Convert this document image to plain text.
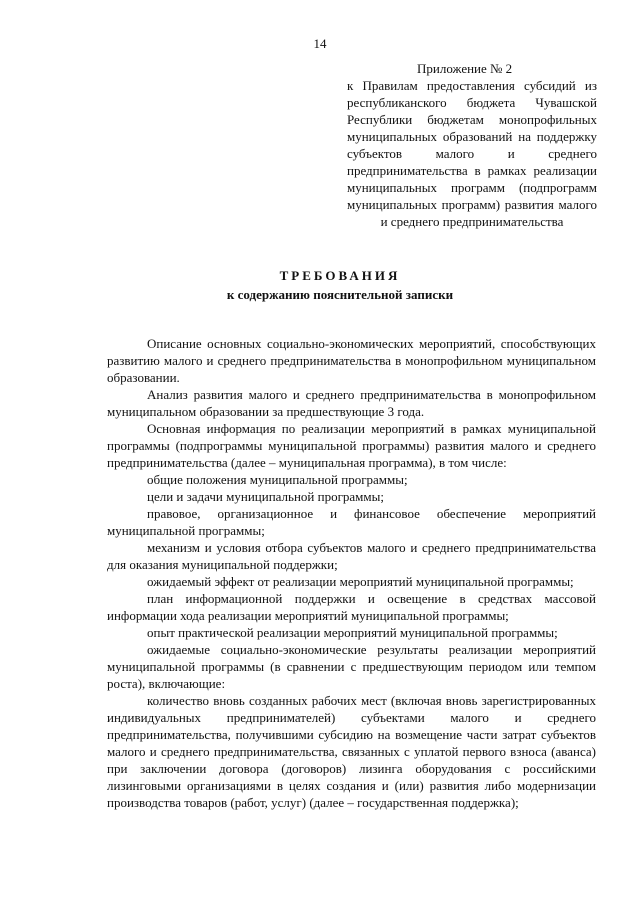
14
Приложение № 2
к Правилам предоставления субсидий из республиканского бюджета Чувашской Республики бюджетам монопрофильных муниципальных образований на поддержку субъектов малого и среднего предпринимательства в рамках реализации муниципальных программ (подпрограмм муниципальных программ) развития малого и среднего предпринимательства
ТРЕБОВАНИЯ
к содержанию пояснительной записки

Описание основных социально-экономических мероприятий, способствующих развитию малого и среднего предпринимательства в монопрофильном муниципальном образовании.

Анализ развития малого и среднего предпринимательства в монопрофильном муниципальном образовании за предшествующие 3 года.

Основная информация по реализации мероприятий в рамках муниципальной программы (подпрограммы муниципальной программы) развития малого и среднего предпринимательства (далее – муниципальная программа), в том числе:

общие положения муниципальной программы;

цели и задачи муниципальной программы;

правовое, организационное и финансовое обеспечение мероприятий муниципальной программы;

механизм и условия отбора субъектов малого и среднего предпринимательства для оказания муниципальной поддержки;

ожидаемый эффект от реализации мероприятий муниципальной программы;

план информационной поддержки и освещение в средствах массовой информации хода реализации мероприятий муниципальной программы;

опыт практической реализации мероприятий муниципальной программы;

ожидаемые социально-экономические результаты реализации мероприятий муниципальной программы (в сравнении с предшествующим периодом или темпом роста), включающие:

количество вновь созданных рабочих мест (включая вновь зарегистрированных индивидуальных предпринимателей) субъектами малого и среднего предпринимательства, получившими субсидию на возмещение части затрат субъектов малого и среднего предпринимательства, связанных с уплатой первого взноса (аванса) при заключении договора (договоров) лизинга оборудования с российскими лизинговыми организациями в целях создания и (или) развития либо модернизации производства товаров (работ, услуг) (далее – государственная поддержка);
